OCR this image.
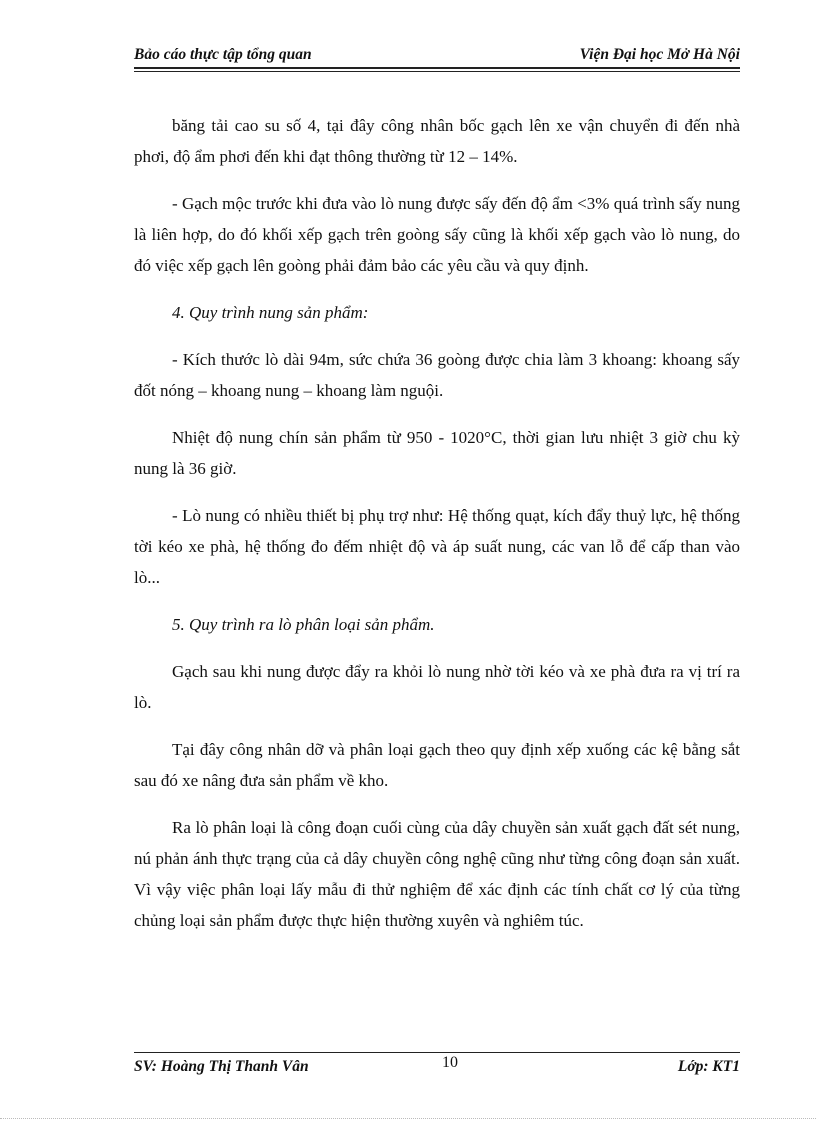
Bảo cáo thực tập tổng quan	Viện Đại học Mở Hà Nội

băng tải cao su số 4, tại đây công nhân bốc gạch lên xe vận chuyển đi đến nhà phơi, độ ẩm phơi đến khi đạt thông thường từ 12 – 14%.

- Gạch mộc trước khi đưa vào lò nung được sấy đến độ ẩm <3% quá trình sấy nung là liên hợp, do đó khối xếp gạch trên goòng sấy cũng là khối xếp gạch vào lò nung, do đó việc xếp gạch lên goòng phải đảm bảo các yêu cầu và quy định.

4. Quy trình nung sản phẩm:

- Kích thước lò dài 94m, sức chứa 36 goòng được chia làm 3 khoang: khoang sấy đốt nóng – khoang nung – khoang làm nguội.

Nhiệt độ nung chín sản phẩm từ 950 - 1020°C, thời gian lưu nhiệt 3 giờ chu kỳ nung là 36 giờ.

- Lò nung có nhiều thiết bị phụ trợ như: Hệ thống quạt, kích đẩy thuỷ lực, hệ thống tời kéo xe phà, hệ thống đo đếm nhiệt độ và áp suất nung, các van lỗ để cấp than vào lò...

5. Quy trình ra lò phân loại sản phẩm.

Gạch sau khi nung được đẩy ra khỏi lò nung nhờ tời kéo và xe phà đưa ra vị trí ra lò.

Tại đây công nhân dỡ và phân loại gạch theo quy định xếp xuống các kệ bằng sắt sau đó xe nâng đưa sản phẩm về kho.

Ra lò phân loại là công đoạn cuối cùng của dây chuyền sản xuất gạch đất sét nung, nú phản ánh thực trạng của cả dây chuyền công nghệ cũng như từng công đoạn sản xuất. Vì vậy việc phân loại lấy mẫu đi thử nghiệm để xác định các tính chất cơ lý của từng chủng loại sản phẩm được thực hiện thường xuyên và nghiêm túc.

SV: Hoàng Thị Thanh Vân	10	Lớp: KT1
